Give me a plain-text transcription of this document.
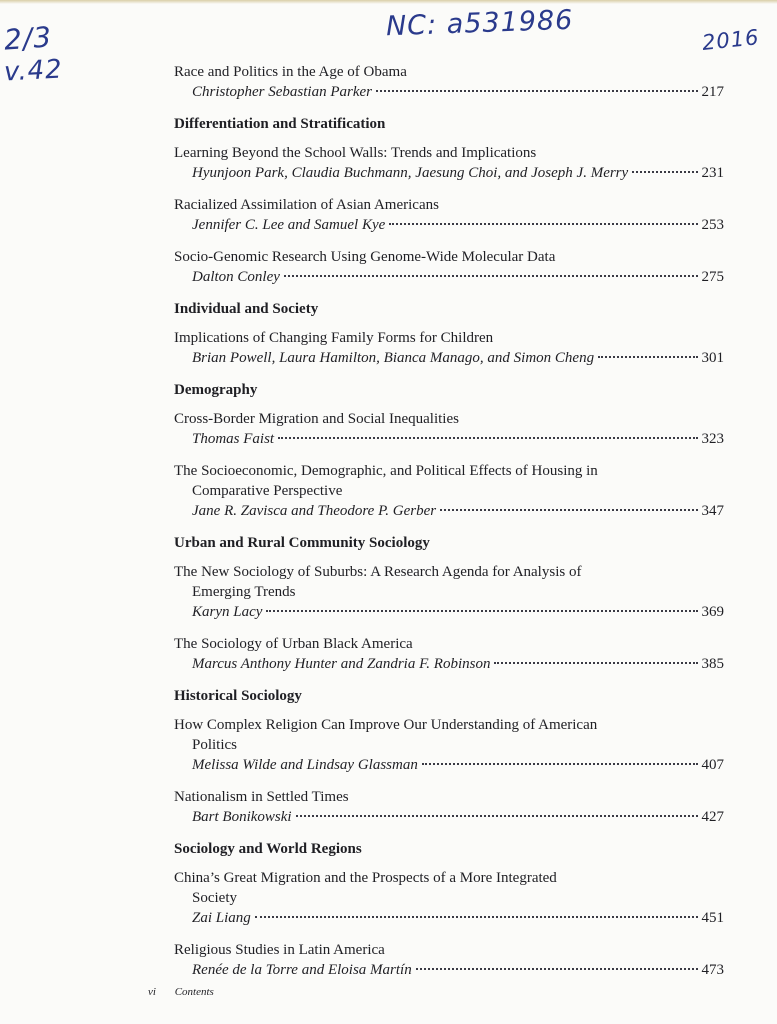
2/3
v.42
NC: a531986	2016
Race and Politics in the Age of Obama
Christopher Sebastian Parker	217
Differentiation and Stratification
Learning Beyond the School Walls: Trends and Implications
Hyunjoon Park, Claudia Buchmann, Jaesung Choi, and Joseph J. Merry	231
Racialized Assimilation of Asian Americans
Jennifer C. Lee and Samuel Kye	253
Socio-Genomic Research Using Genome-Wide Molecular Data
Dalton Conley	275
Individual and Society
Implications of Changing Family Forms for Children
Brian Powell, Laura Hamilton, Bianca Manago, and Simon Cheng	301
Demography
Cross-Border Migration and Social Inequalities
Thomas Faist	323
The Socioeconomic, Demographic, and Political Effects of Housing in
Comparative Perspective
Jane R. Zavisca and Theodore P. Gerber	347
Urban and Rural Community Sociology
The New Sociology of Suburbs: A Research Agenda for Analysis of
Emerging Trends
Karyn Lacy	369
The Sociology of Urban Black America
Marcus Anthony Hunter and Zandria F. Robinson	385
Historical Sociology
How Complex Religion Can Improve Our Understanding of American
Politics
Melissa Wilde and Lindsay Glassman	407
Nationalism in Settled Times
Bart Bonikowski	427
Sociology and World Regions
China’s Great Migration and the Prospects of a More Integrated
Society
Zai Liang	451
Religious Studies in Latin America
Renée de la Torre and Eloisa Martín	473
vi Contents
